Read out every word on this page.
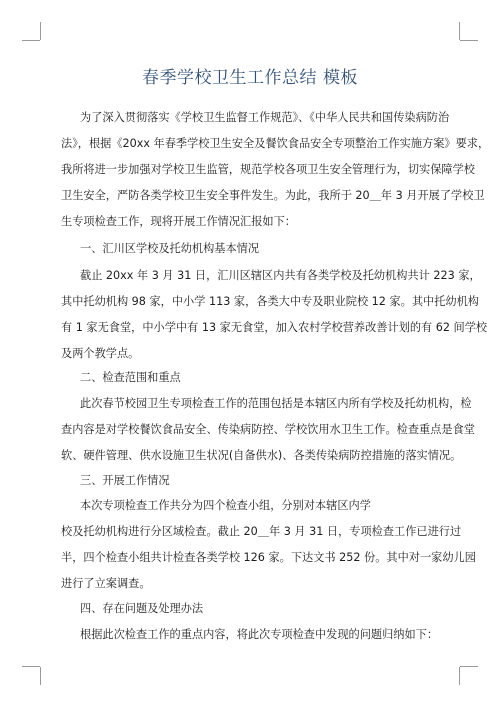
春季学校卫生工作总结 模板
为了深入贯彻落实《学校卫生监督工作规范》、《中华人民共和国传染病防治
法》，根据《20xx 年春季学校卫生安全及餐饮食品安全专项整治工作实施方案》要求，
我所将进一步加强对学校卫生监管，规范学校各项卫生安全管理行为，切实保障学校
卫生安全，严防各类学校卫生安全事件发生。为此，我所于 20＿年 3 月开展了学校卫
生专项检查工作，现将开展工作情况汇报如下：
一、汇川区学校及托幼机构基本情况
截止 20xx 年 3 月 31 日，汇川区辖区内共有各类学校及托幼机构共计 223 家，
其中托幼机构 98 家，中小学 113 家，各类大中专及职业院校 12 家。其中托幼机构
有 1 家无食堂，中小学中有 13 家无食堂，加入农村学校营养改善计划的有 62 间学校
及两个教学点。
二、检查范围和重点
此次春节校园卫生专项检查工作的范围包括是本辖区内所有学校及托幼机构，检
查内容是对学校餐饮食品安全、传染病防控、学校饮用水卫生工作。检查重点是食堂
软、硬件管理、供水设施卫生状况(自备供水)、各类传染病防控措施的落实情况。
三、开展工作情况
本次专项检查工作共分为四个检查小组，分别对本辖区内学
校及托幼机构进行分区域检查。截止 20＿年 3 月 31 日，专项检查工作已进行过
半，四个检查小组共计检查各类学校 126 家。下达文书 252 份。其中对一家幼儿园
进行了立案调查。
四、存在问题及处理办法
根据此次检查工作的重点内容，将此次专项检查中发现的问题归纳如下：
